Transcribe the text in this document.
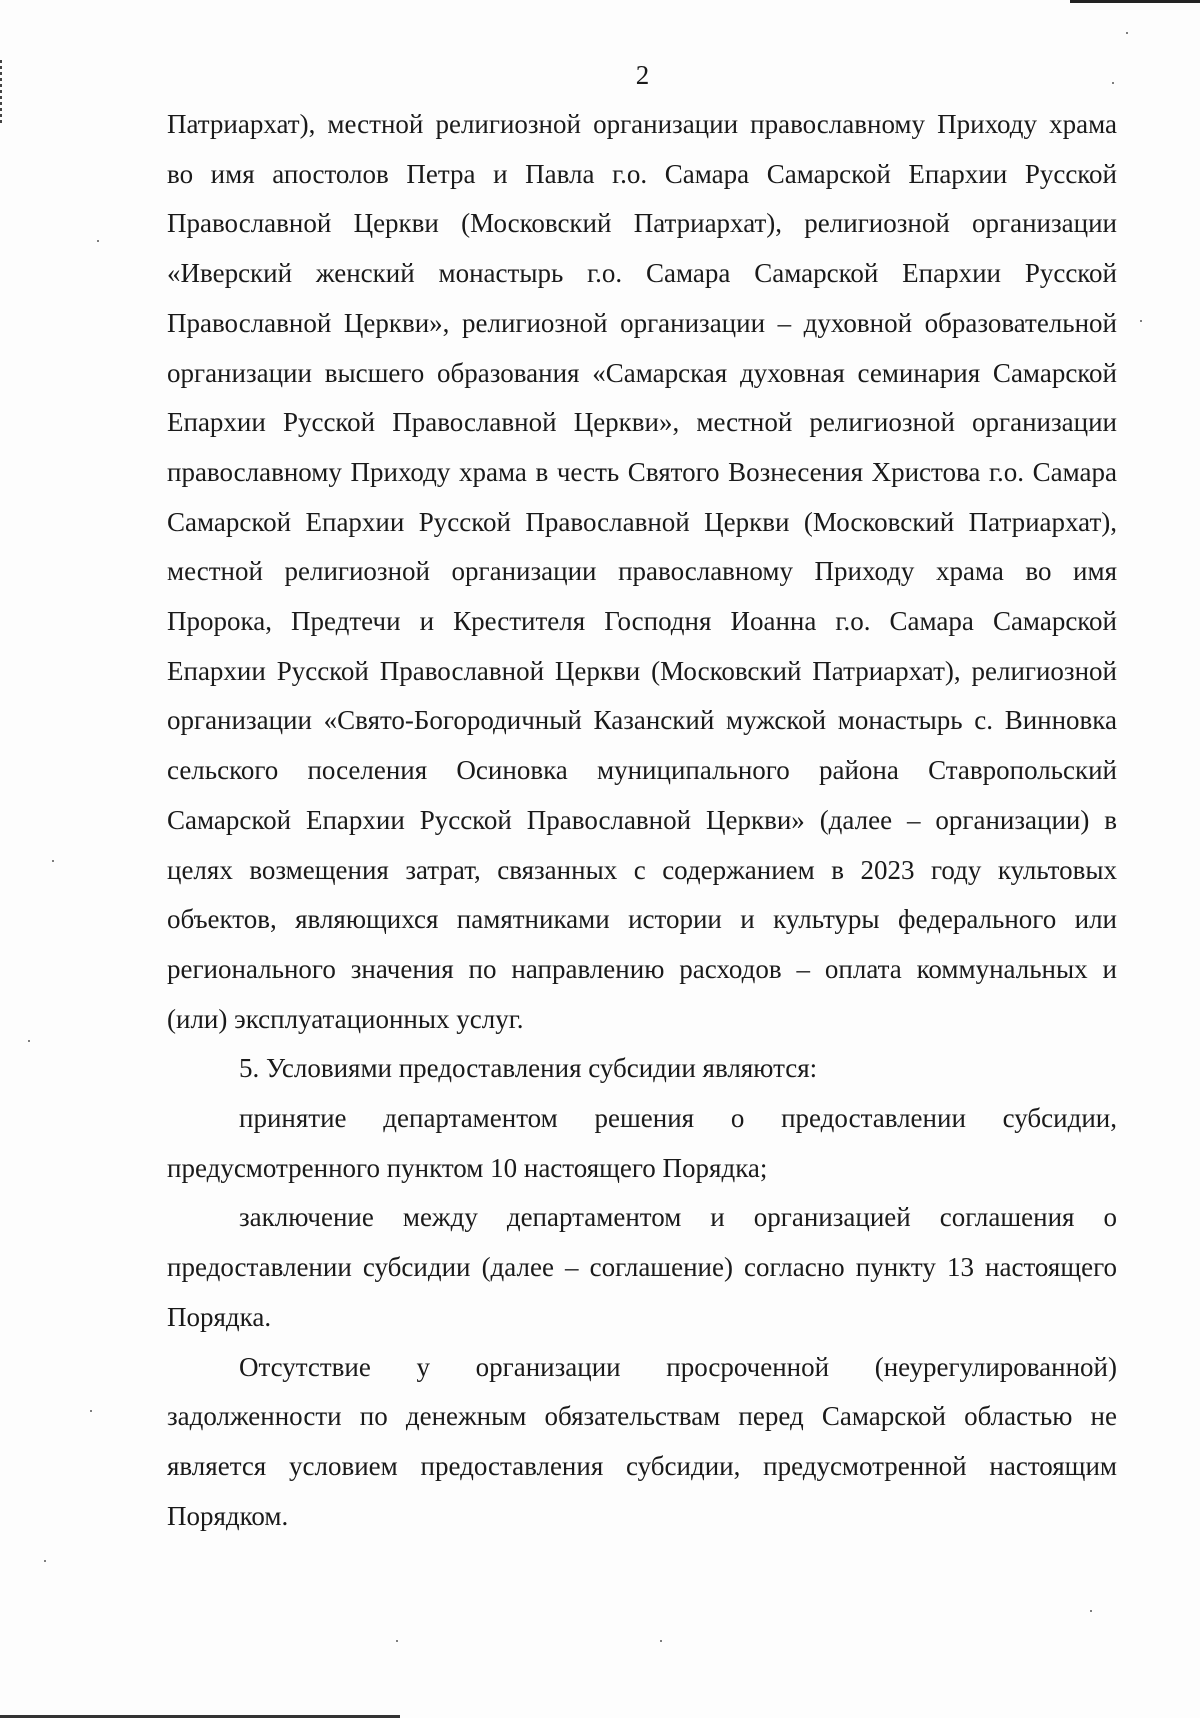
2

Патриархат), местной религиозной организации православному Приходу храма во имя апостолов Петра и Павла г.о. Самара Самарской Епархии Русской Православной Церкви (Московский Патриархат), религиозной организации «Иверский женский монастырь г.о. Самара Самарской Епархии Русской Православной Церкви», религиозной организации – духовной образовательной организации высшего образования «Самарская духовная семинария Самарской Епархии Русской Православной Церкви», местной религиозной организации православному Приходу храма в честь Святого Вознесения Христова г.о. Самара Самарской Епархии Русской Православной Церкви (Московский Патриархат), местной религиозной организации православному Приходу храма во имя Пророка, Предтечи и Крестителя Господня Иоанна г.о. Самара Самарской Епархии Русской Православной Церкви (Московский Патриархат), религиозной организации «Свято-Богородичный Казанский мужской монастырь с. Винновка сельского поселения Осиновка муниципального района Ставропольский Самарской Епархии Русской Православной Церкви» (далее – организации) в целях возмещения затрат, связанных с содержанием в 2023 году культовых объектов, являющихся памятниками истории и культуры федерального или регионального значения по направлению расходов – оплата коммунальных и (или) эксплуатационных услуг.

5. Условиями предоставления субсидии являются:

принятие департаментом решения о предоставлении субсидии, предусмотренного пунктом 10 настоящего Порядка;

заключение между департаментом и организацией соглашения о предоставлении субсидии (далее – соглашение) согласно пункту 13 настоящего Порядка.

Отсутствие у организации просроченной (неурегулированной) задолженности по денежным обязательствам перед Самарской областью не является условием предоставления субсидии, предусмотренной настоящим Порядком.
